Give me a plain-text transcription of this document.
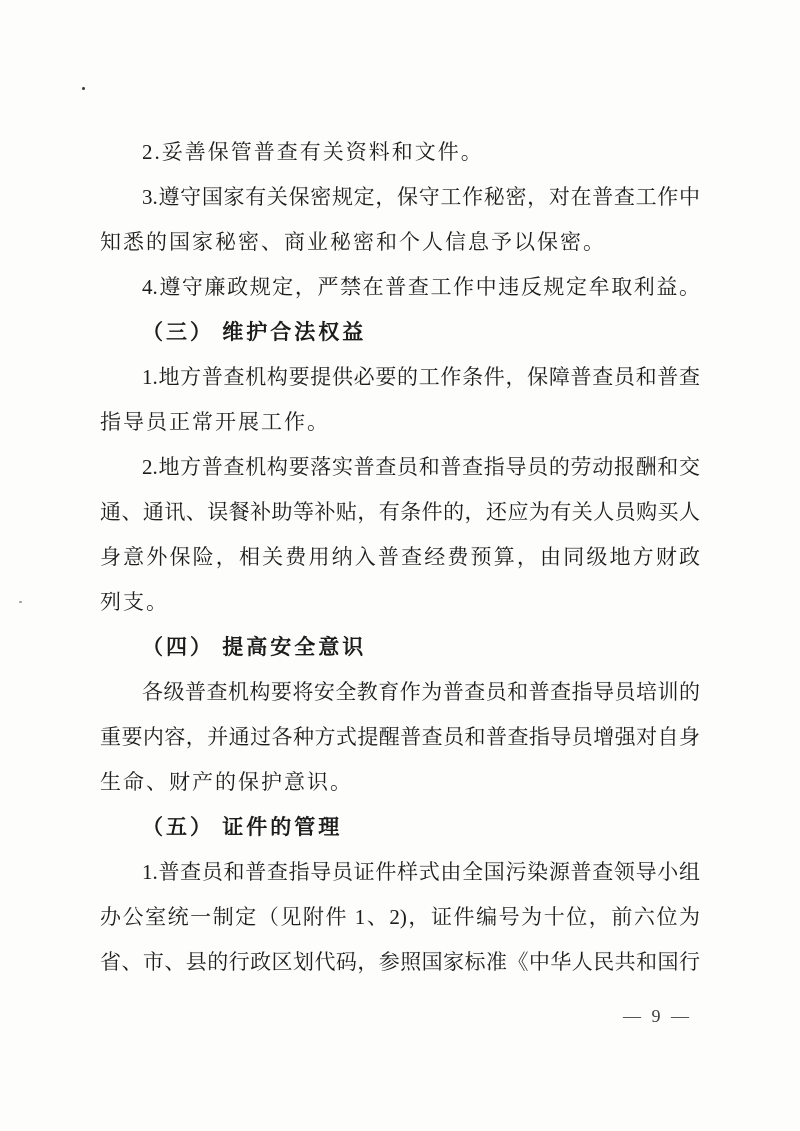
2.妥善保管普查有关资料和文件。
3.遵守国家有关保密规定，保守工作秘密，对在普查工作中
知悉的国家秘密、商业秘密和个人信息予以保密。
4.遵守廉政规定，严禁在普查工作中违反规定牟取利益。
（三） 维护合法权益
1.地方普查机构要提供必要的工作条件，保障普查员和普查
指导员正常开展工作。
2.地方普查机构要落实普查员和普查指导员的劳动报酬和交
通、通讯、误餐补助等补贴，有条件的，还应为有关人员购买人
身意外保险，相关费用纳入普查经费预算，由同级地方财政
列支。
（四） 提高安全意识
各级普查机构要将安全教育作为普查员和普查指导员培训的
重要内容，并通过各种方式提醒普查员和普查指导员增强对自身
生命、财产的保护意识。
（五） 证件的管理
1.普查员和普查指导员证件样式由全国污染源普查领导小组
办公室统一制定（见附件 1、2)，证件编号为十位，前六位为
省、市、县的行政区划代码，参照国家标准《中华人民共和国行
— 9 —
